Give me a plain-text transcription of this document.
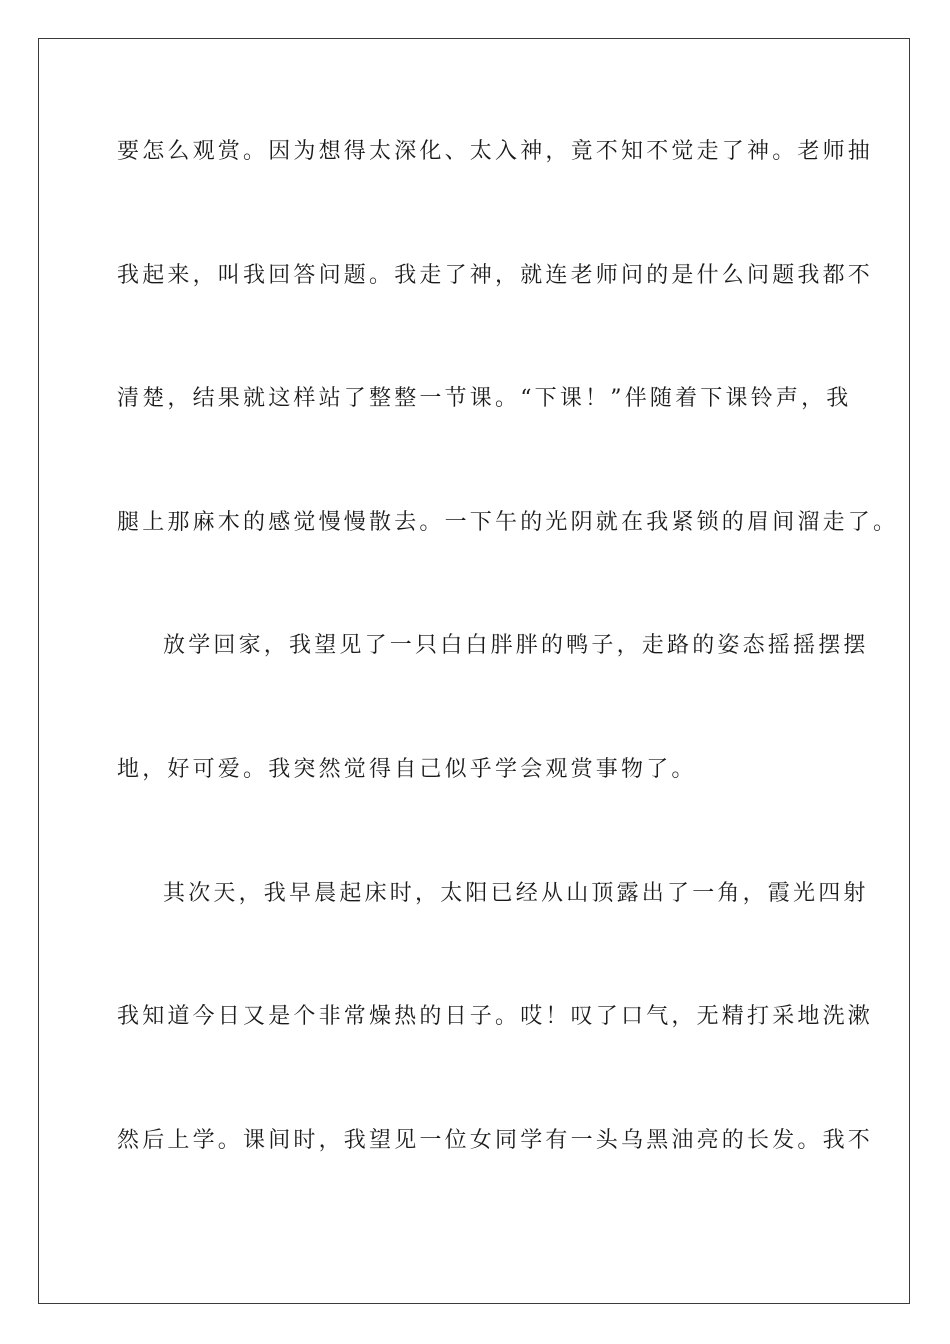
要怎么观赏。因为想得太深化、太入神，竟不知不觉走了神。老师抽
我起来，叫我回答问题。我走了神，就连老师问的是什么问题我都不
清楚，结果就这样站了整整一节课。“下课！”伴随着下课铃声，我
腿上那麻木的感觉慢慢散去。一下午的光阴就在我紧锁的眉间溜走了。
放学回家，我望见了一只白白胖胖的鸭子，走路的姿态摇摇摆摆
地，好可爱。我突然觉得自己似乎学会观赏事物了。
其次天，我早晨起床时，太阳已经从山顶露出了一角，霞光四射
我知道今日又是个非常燥热的日子。哎！叹了口气，无精打采地洗漱
然后上学。课间时，我望见一位女同学有一头乌黑油亮的长发。我不
